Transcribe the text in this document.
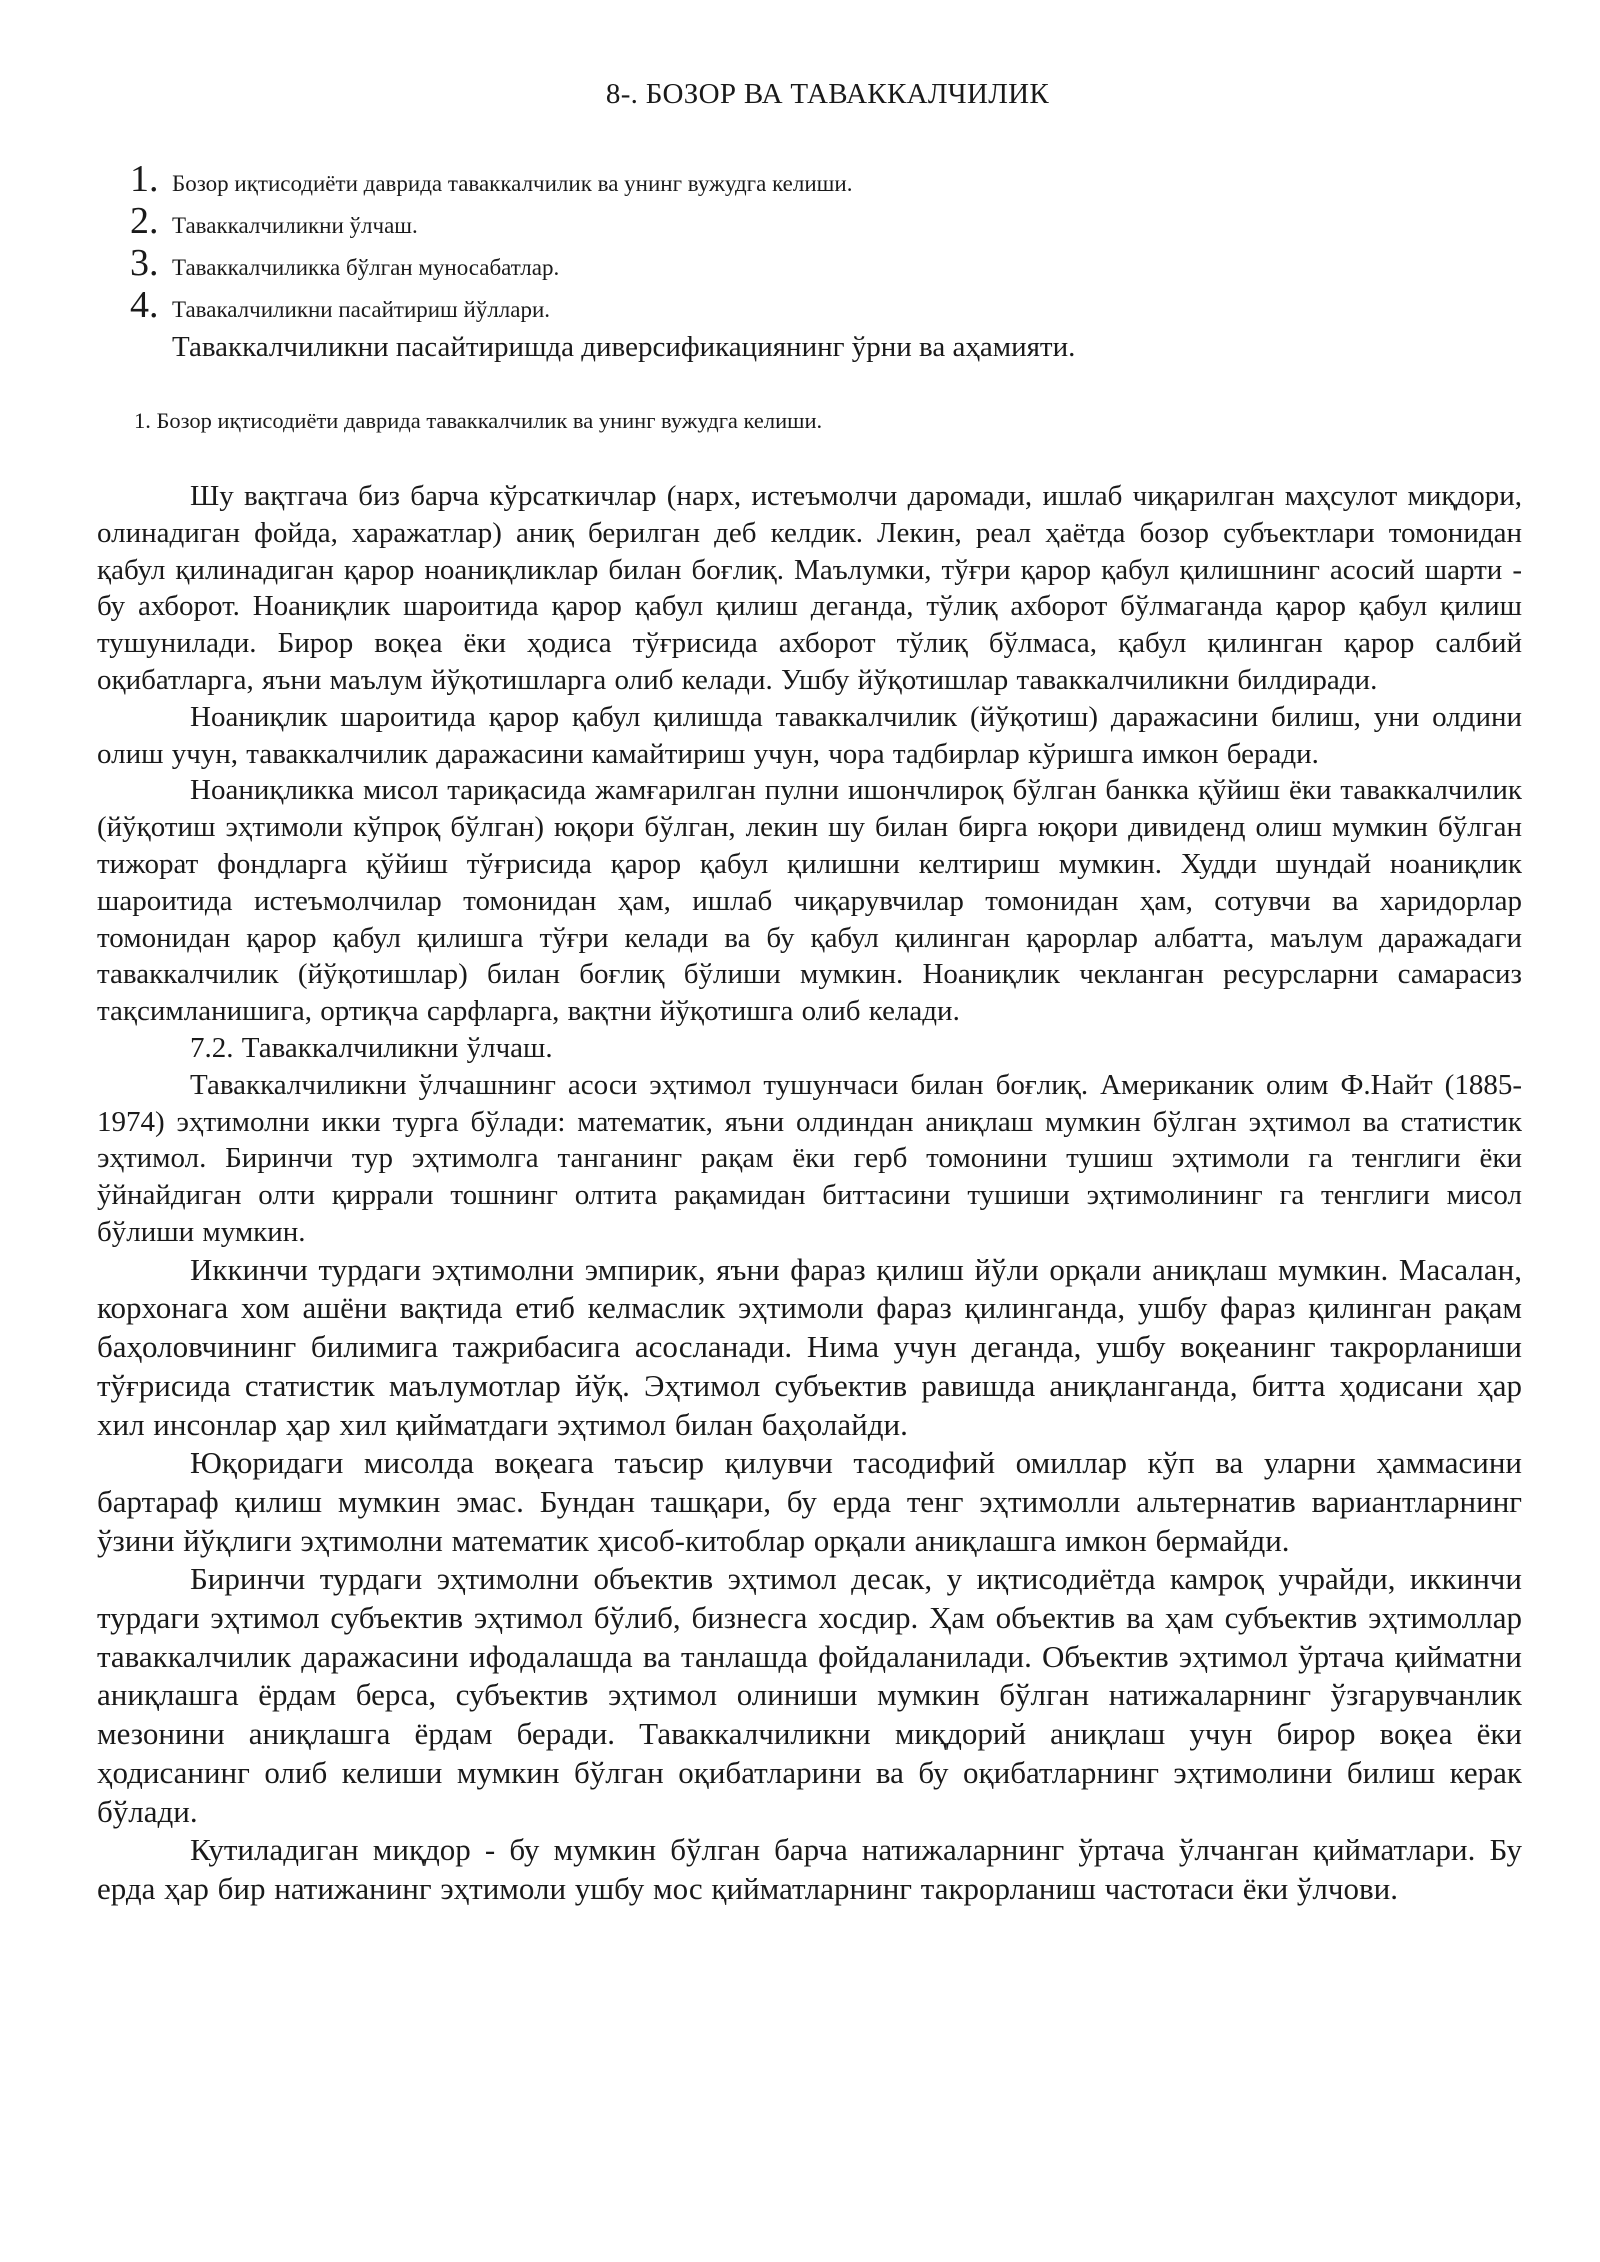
8-. БОЗОР ВА ТАВАККАЛЧИЛИК
1. Бозор иқтисодиёти даврида таваккалчилик ва унинг вужудга келиши.
2. Таваккалчиликни ўлчаш.
3. Таваккалчиликка бўлган муносабатлар.
4. Тавакалчиликни пасайтириш йўллари.
Таваккалчиликни пасайтиришда диверсификациянинг ўрни ва аҳамияти.
1. Бозор иқтисодиёти даврида таваккалчилик ва унинг вужудга келиши.

Шу вақтгача биз барча кўрсаткичлар (нарх, истеъмолчи даромади, ишлаб чиқарилган маҳсулот миқдори, олинадиган фойда, харажатлар) аниқ берилган деб келдик. Лекин, реал ҳаётда бозор субъектлари томонидан қабул қилинадиган қарор ноаниқликлар билан боғлиқ. Маълумки, тўғри қарор қабул қилишнинг асосий шарти - бу ахборот. Ноаниқлик шароитида қарор қабул қилиш деганда, тўлиқ ахборот бўлмаганда қарор қабул қилиш тушунилади. Бирор воқеа ёки ҳодиса тўғрисида ахборот тўлиқ бўлмаса, қабул қилинган қарор салбий оқибатларга, яъни маълум йўқотишларга олиб келади. Ушбу йўқотишлар таваккалчиликни билдиради.

Ноаниқлик шароитида қарор қабул қилишда таваккалчилик (йўқотиш) даражасини билиш, уни олдини олиш учун, таваккалчилик даражасини камайтириш учун, чора тадбирлар кўришга имкон беради.

Ноаниқликка мисол тариқасида жамғарилган пулни ишончлироқ бўлган банкка қўйиш ёки таваккалчилик (йўқотиш эҳтимоли кўпроқ бўлган) юқори бўлган, лекин шу билан бирга юқори дивиденд олиш мумкин бўлган тижорат фондларга қўйиш тўғрисида қарор қабул қилишни келтириш мумкин. Худди шундай ноаниқлик шароитида истеъмолчилар томонидан ҳам, ишлаб чиқарувчилар томонидан ҳам, сотувчи ва харидорлар томонидан қарор қабул қилишга тўғри келади ва бу қабул қилинган қарорлар албатта, маълум даражадаги таваккалчилик (йўқотишлар) билан боғлиқ бўлиши мумкин. Ноаниқлик чекланган ресурсларни самарасиз тақсимланишига, ортиқча сарфларга, вақтни йўқотишга олиб келади.

7.2. Таваккалчиликни ўлчаш.

Таваккалчиликни ўлчашнинг асоси эҳтимол тушунчаси билан боғлиқ. Американик олим Ф.Найт (1885-1974) эҳтимолни икки турга бўлади: математик, яъни олдиндан аниқлаш мумкин бўлган эҳтимол ва статистик эҳтимол. Биринчи тур эҳтимолга танганинг рақам ёки герб томонини тушиш эҳтимоли га тенглиги ёки ўйнайдиган олти қиррали тошнинг олтита рақамидан биттасини тушиши эҳтимолининг га тенглиги мисол бўлиши мумкин.

Иккинчи турдаги эҳтимолни эмпирик, яъни фараз қилиш йўли орқали аниқлаш мумкин. Масалан, корхонага хом ашёни вақтида етиб келмаслик эҳтимоли фараз қилинганда, ушбу фараз қилинган рақам баҳоловчининг билимига тажрибасига асосланади. Нима учун деганда, ушбу воқеанинг такрорланиши тўғрисида статистик маълумотлар йўқ. Эҳтимол субъектив равишда аниқланганда, битта ҳодисани ҳар хил инсонлар ҳар хил қийматдаги эҳтимол билан баҳолайди.

Юқоридаги мисолда воқеага таъсир қилувчи тасодифий омиллар кўп ва уларни ҳаммасини бартараф қилиш мумкин эмас. Бундан ташқари, бу ерда тенг эҳтимолли альтернатив вариантларнинг ўзини йўқлиги эҳтимолни математик ҳисоб-китоблар орқали аниқлашга имкон бермайди.

Биринчи турдаги эҳтимолни объектив эҳтимол десак, у иқтисодиётда камроқ учрайди, иккинчи турдаги эҳтимол субъектив эҳтимол бўлиб, бизнесга хосдир. Ҳам объектив ва ҳам субъектив эҳтимоллар таваккалчилик даражасини ифодалашда ва танлашда фойдаланилади. Объектив эҳтимол ўртача қийматни аниқлашга ёрдам берса, субъектив эҳтимол олиниши мумкин бўлган натижаларнинг ўзгарувчанлик мезонини аниқлашга ёрдам беради. Таваккалчиликни миқдорий аниқлаш учун бирор воқеа ёки ҳодисанинг олиб келиши мумкин бўлган оқибатларини ва бу оқибатларнинг эҳтимолини билиш керак бўлади.

Кутиладиган миқдор - бу мумкин бўлган барча натижаларнинг ўртача ўлчанган қийматлари. Бу ерда ҳар бир натижанинг эҳтимоли ушбу мос қийматларнинг такрорланиш частотаси ёки ўлчови.
